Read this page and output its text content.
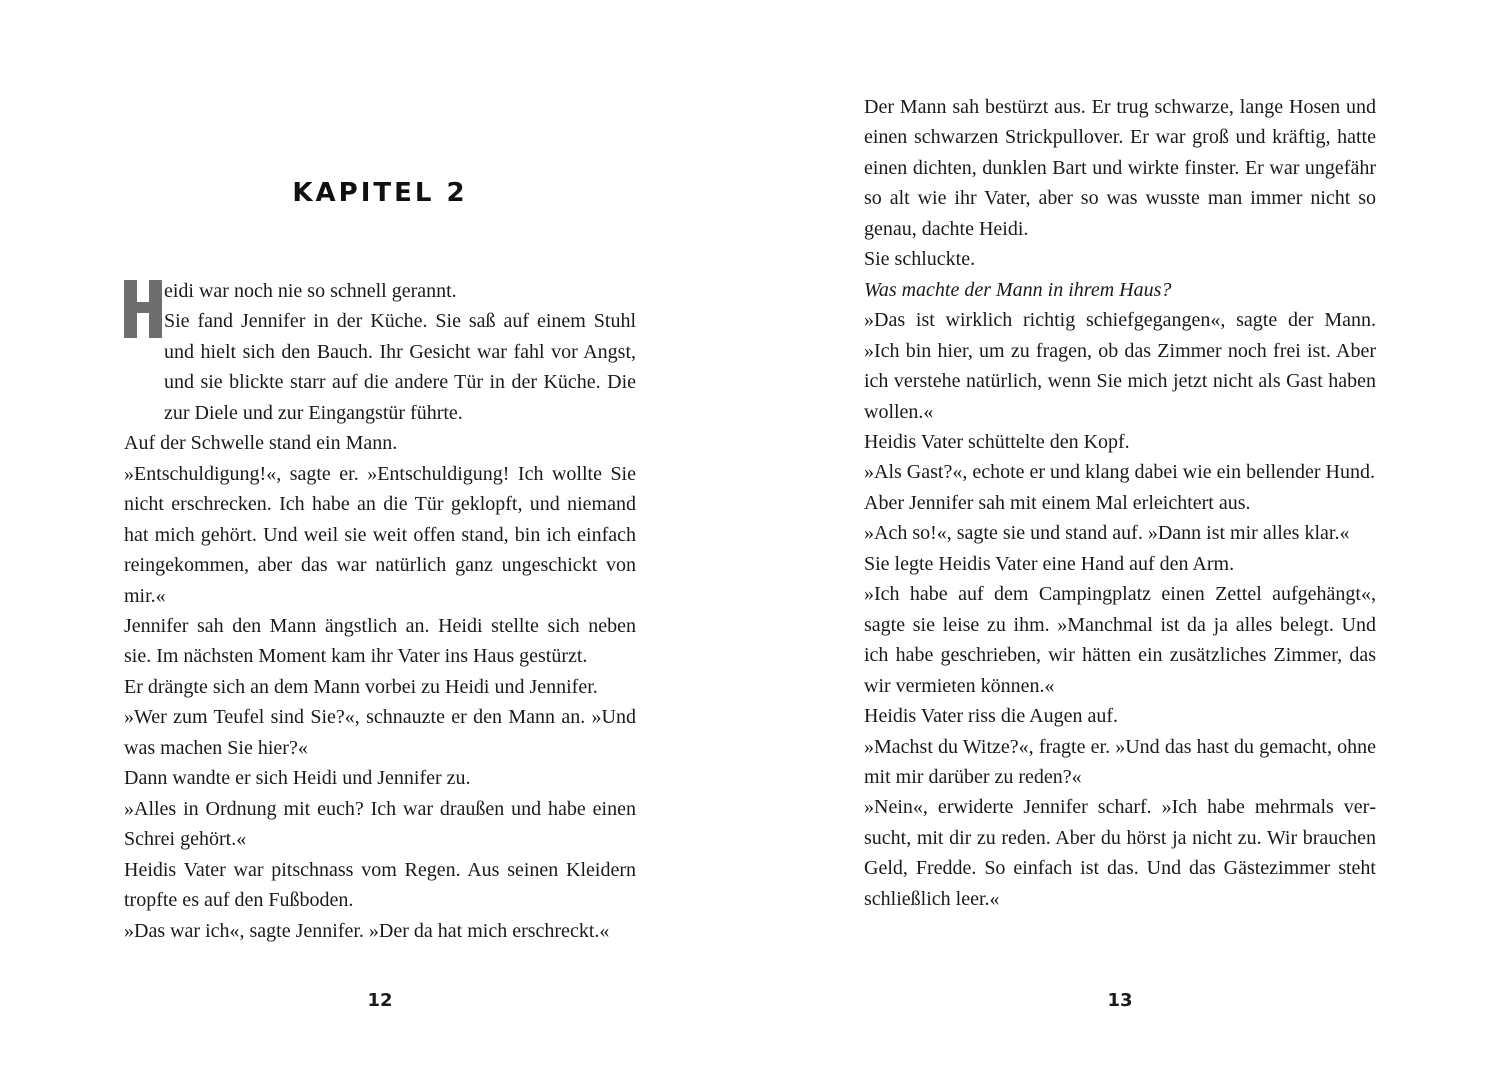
KAPITEL 2

eidi war noch nie so schnell gerannt.

Sie fand Jennifer in der Küche. Sie saß auf einem Stuhl und hielt sich den Bauch. Ihr Gesicht war fahl vor Angst, und sie blickte starr auf die andere Tür in der Küche. Die zur Diele und zur Eingangstür führte.

Auf der Schwelle stand ein Mann.

»Entschuldigung!«, sagte er. »Entschuldigung! Ich wollte Sie nicht erschrecken. Ich habe an die Tür geklopft, und niemand hat mich gehört. Und weil sie weit offen stand, bin ich einfach reingekommen, aber das war natürlich ganz ungeschickt von mir.«

Jennifer sah den Mann ängstlich an. Heidi stellte sich neben sie. Im nächsten Moment kam ihr Vater ins Haus gestürzt.

Er drängte sich an dem Mann vorbei zu Heidi und Jennifer.

»Wer zum Teufel sind Sie?«, schnauzte er den Mann an. »Und was machen Sie hier?«

Dann wandte er sich Heidi und Jennifer zu.

»Alles in Ordnung mit euch? Ich war draußen und habe einen Schrei gehört.«

Heidis Vater war pitschnass vom Regen. Aus seinen Kleidern tropfte es auf den Fußboden.

»Das war ich«, sagte Jennifer. »Der da hat mich erschreckt.«

12

Der Mann sah bestürzt aus. Er trug schwarze, lange Hosen und einen schwarzen Strickpullover. Er war groß und kräftig, hatte einen dichten, dunklen Bart und wirkte finster. Er war ungefähr so alt wie ihr Vater, aber so was wusste man immer nicht so genau, dachte Heidi.

Sie schluckte.

Was machte der Mann in ihrem Haus?

»Das ist wirklich richtig schiefgegangen«, sagte der Mann. »Ich bin hier, um zu fragen, ob das Zimmer noch frei ist. Aber ich verstehe natürlich, wenn Sie mich jetzt nicht als Gast haben wollen.«

Heidis Vater schüttelte den Kopf.

»Als Gast?«, echote er und klang dabei wie ein bellender Hund.

Aber Jennifer sah mit einem Mal erleichtert aus.

»Ach so!«, sagte sie und stand auf. »Dann ist mir alles klar.«

Sie legte Heidis Vater eine Hand auf den Arm.

»Ich habe auf dem Campingplatz einen Zettel aufgehängt«, sagte sie leise zu ihm. »Manchmal ist da ja alles belegt. Und ich habe geschrieben, wir hätten ein zusätzliches Zimmer, das wir vermieten können.«

Heidis Vater riss die Augen auf.

»Machst du Witze?«, fragte er. »Und das hast du gemacht, ohne mit mir darüber zu reden?«

»Nein«, erwiderte Jennifer scharf. »Ich habe mehrmals versucht, mit dir zu reden. Aber du hörst ja nicht zu. Wir brauchen Geld, Fredde. So einfach ist das. Und das Gästezimmer steht schließlich leer.«

13
